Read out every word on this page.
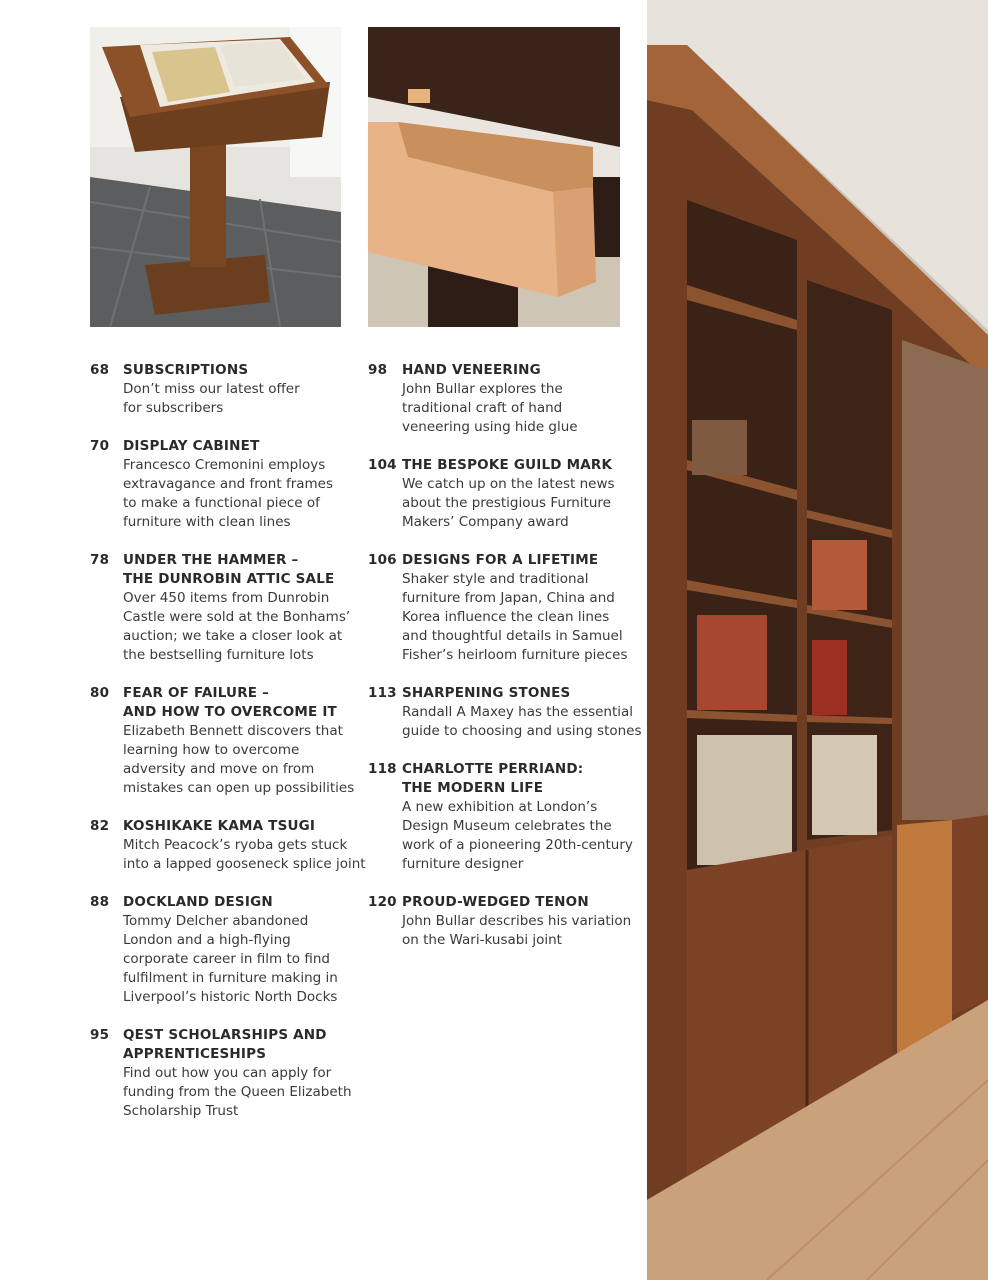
68	SUBSCRIPTIONS
Don’t miss our latest offer
for subscribers
70	DISPLAY CABINET
Francesco Cremonini employs
extravagance and front frames
to make a functional piece of
furniture with clean lines
78	UNDER THE HAMMER –
THE DUNROBIN ATTIC SALE
Over 450 items from Dunrobin
Castle were sold at the Bonhams’
auction; we take a closer look at
the bestselling furniture lots
80	FEAR OF FAILURE –
AND HOW TO OVERCOME IT
Elizabeth Bennett discovers that
learning how to overcome
adversity and move on from
mistakes can open up possibilities
82	KOSHIKAKE KAMA TSUGI
Mitch Peacock’s ryoba gets stuck
into a lapped gooseneck splice joint
88	DOCKLAND DESIGN
Tommy Delcher abandoned
London and a high-flying
corporate career in film to find
fulfilment in furniture making in
Liverpool’s historic North Docks
95	QEST SCHOLARSHIPS AND
APPRENTICESHIPS
Find out how you can apply for
funding from the Queen Elizabeth
Scholarship Trust
98	HAND VENEERING
John Bullar explores the
traditional craft of hand
veneering using hide glue
104 THE BESPOKE GUILD MARK
We catch up on the latest news
about the prestigious Furniture
Makers’ Company award
106 DESIGNS FOR A LIFETIME
Shaker style and traditional
furniture from Japan, China and
Korea influence the clean lines
and thoughtful details in Samuel
Fisher’s heirloom furniture pieces
113 SHARPENING STONES
Randall A Maxey has the essential
guide to choosing and using stones
118 CHARLOTTE PERRIAND:
THE MODERN LIFE
A new exhibition at London’s
Design Museum celebrates the
work of a pioneering 20th-century
furniture designer
120 PROUD-WEDGED TENON
John Bullar describes his variation
on the Wari-kusabi joint
